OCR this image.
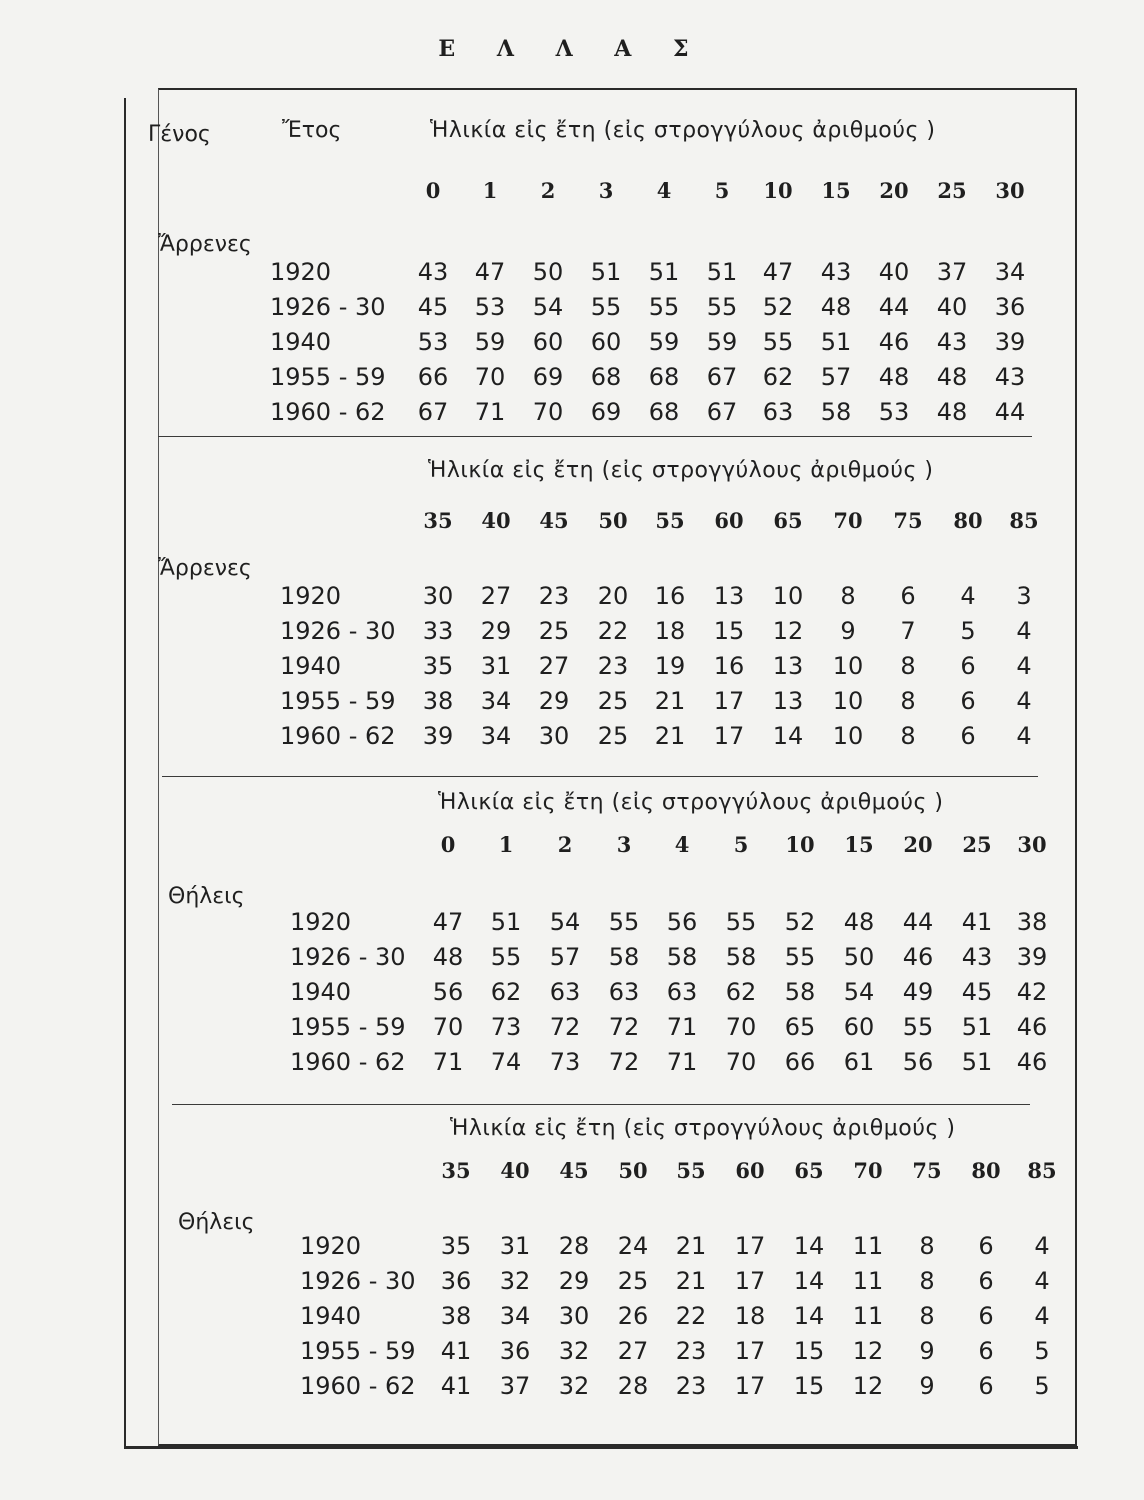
Ε Λ Λ Α Σ
Γένος	Ἔτος	Ἡλικία εἰς ἔτη (εἰς στρογγύλους ἀριθμούς )
0	1	2	3	4	5	10	15	20	25	30
Ἄρρενες
1920	43	47	50	51	51	51	47	43	40	37	34
1926 - 30	45	53	54	55	55	55	52	48	44	40	36
1940	53	59	60	60	59	59	55	51	46	43	39
1955 - 59	66	70	69	68	68	67	62	57	48	48	43
1960 - 62	67	71	70	69	68	67	63	58	53	48	44
Ἡλικία εἰς ἔτη (εἰς στρογγύλους ἀριθμούς )
35	40	45	50	55	60	65	70	75	80	85
Ἄρρενες
1920	30	27	23	20	16	13	10	8	6	4	3
1926 - 30	33	29	25	22	18	15	12	9	7	5	4
1940	35	31	27	23	19	16	13	10	8	6	4
1955 - 59	38	34	29	25	21	17	13	10	8	6	4
1960 - 62	39	34	30	25	21	17	14	10	8	6	4
Ἡλικία εἰς ἔτη (εἰς στρογγύλους ἀριθμούς )
0	1	2	3	4	5	10	15	20	25	30
Θήλεις
1920	47	51	54	55	56	55	52	48	44	41	38
1926 - 30	48	55	57	58	58	58	55	50	46	43	39
1940	56	62	63	63	63	62	58	54	49	45	42
1955 - 59	70	73	72	72	71	70	65	60	55	51	46
1960 - 62	71	74	73	72	71	70	66	61	56	51	46
Ἡλικία εἰς ἔτη (εἰς στρογγύλους ἀριθμούς )
35	40	45	50	55	60	65	70	75	80	85
Θήλεις
1920	35	31	28	24	21	17	14	11	8	6	4
1926 - 30	36	32	29	25	21	17	14	11	8	6	4
1940	38	34	30	26	22	18	14	11	8	6	4
1955 - 59	41	36	32	27	23	17	15	12	9	6	5
1960 - 62	41	37	32	28	23	17	15	12	9	6	5
